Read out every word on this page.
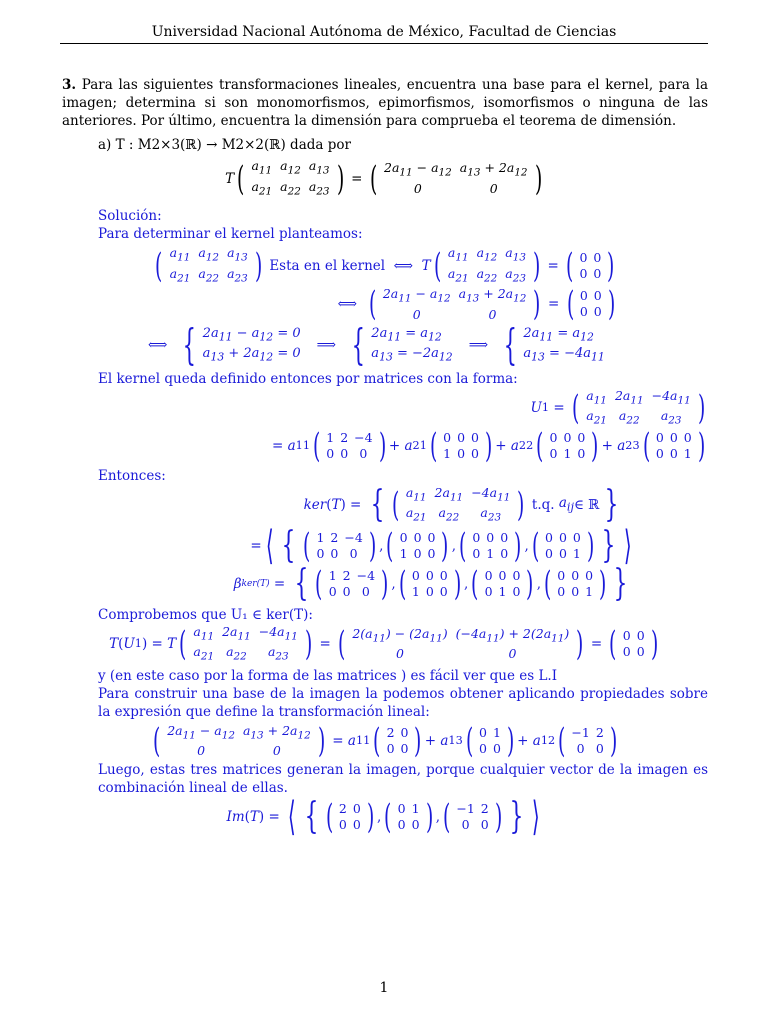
Universidad Nacional Autónoma de México, Facultad de Ciencias

3. Para las siguientes transformaciones lineales, encuentra una base para el kernel, para la imagen; determina si son monomorfismos, epimorfismos, isomorfismos o ninguna de las anteriores. Por último, encuentra la dimensión para comprueba el teorema de dimensión.

a) T : M2×3(ℝ) → M2×2(ℝ) dada por

T ( $a_{11}$	$a_{12}$	$a_{13}$
$a_{21}$	$a_{22}$	$a_{23}$ ) = ( $2a_{11} - a_{12}$	$a_{13} + 2a_{12}$
0	0 )
Solución:
Para determinar el kernel planteamos:
( $a_{11}$	$a_{12}$	$a_{13}$
$a_{21}$	$a_{22}$	$a_{23}$ )
Esta en el kernel ⟺ T ( $a_{11}$	$a_{12}$	$a_{13}$
$a_{21}$	$a_{22}$	$a_{23}$ ) = ( 0	0
0	0 )
⟺ ( $2a_{11} - a_{12}$	$a_{13} + 2a_{12}$
0	0 ) = ( 0	0
0	0 )
⟺ { $2a_{11} - a_{12} = 0$
$a_{13} + 2a_{12} = 0$
⟹ { $2a_{11} = a_{12}$
$a_{13} = -2a_{12}$
⟹ { $2a_{11} = a_{12}$
$a_{13} = -4a_{11}$
El kernel queda definido entonces por matrices con la forma:
U 1 = ( $a_{11}$	$2a_{11}$	$-4a_{11}$
$a_{21}$	$a_{22}$	$a_{23}$ )
= a 11 ( 1	2	−4
0	0	0 ) + a 21 ( 0	0	0
1	0	0 ) + a 22 ( 0	0	0
0	1	0 ) + a 23 ( 0	0	0
0	0	1 )
Entonces:
ker ( T ) = { ( $a_{11}$	$2a_{11}$	$-4a_{11}$
$a_{21}$	$a_{22}$	$a_{23}$ )
t.q.
$a_{ij}$ ∈ ℝ }
= ⟨ { ( 1	2	−4
0	0	0 ) , ( 0	0	0
1	0	0 ) , ( 0	0	0
0	1	0 ) , ( 0	0	0
0	0	1 ) } ⟩
β ker(T) = { ( 1	2	−4
0	0	0 ) , ( 0	0	0
1	0	0 ) , ( 0	0	0
0	1	0 ) , ( 0	0	0
0	0	1 ) }
Comprobemos que U₁ ∈ ker(T):
T ( U 1 ) = T ( $a_{11}$	$2a_{11}$	$-4a_{11}$
$a_{21}$	$a_{22}$	$a_{23}$ ) = ( $2(a_{11}) - (2a_{11})$	$(-4a_{11}) + 2(2a_{11})$
0	0 ) = ( 0	0
0	0 )
y (en este caso por la forma de las matrices ) es fácil ver que es L.I
Para construir una base de la imagen la podemos obtener aplicando propiedades sobre la expresión que define la transformación lineal:
( $2a_{11} - a_{12}$	$a_{13} + 2a_{12}$
0	0 ) = a 11 ( 2	0
0	0 ) + a 13 ( 0	1
0	0 ) + a 12 ( −1	2
0	0 )
Luego, estas tres matrices generan la imagen, porque cualquier vector de la imagen es combinación lineal de ellas.
Im ( T ) = ⟨ { ( 2	0
0	0 ) , ( 0	1
0	0 ) , ( −1	2
0	0 ) } ⟩
1
